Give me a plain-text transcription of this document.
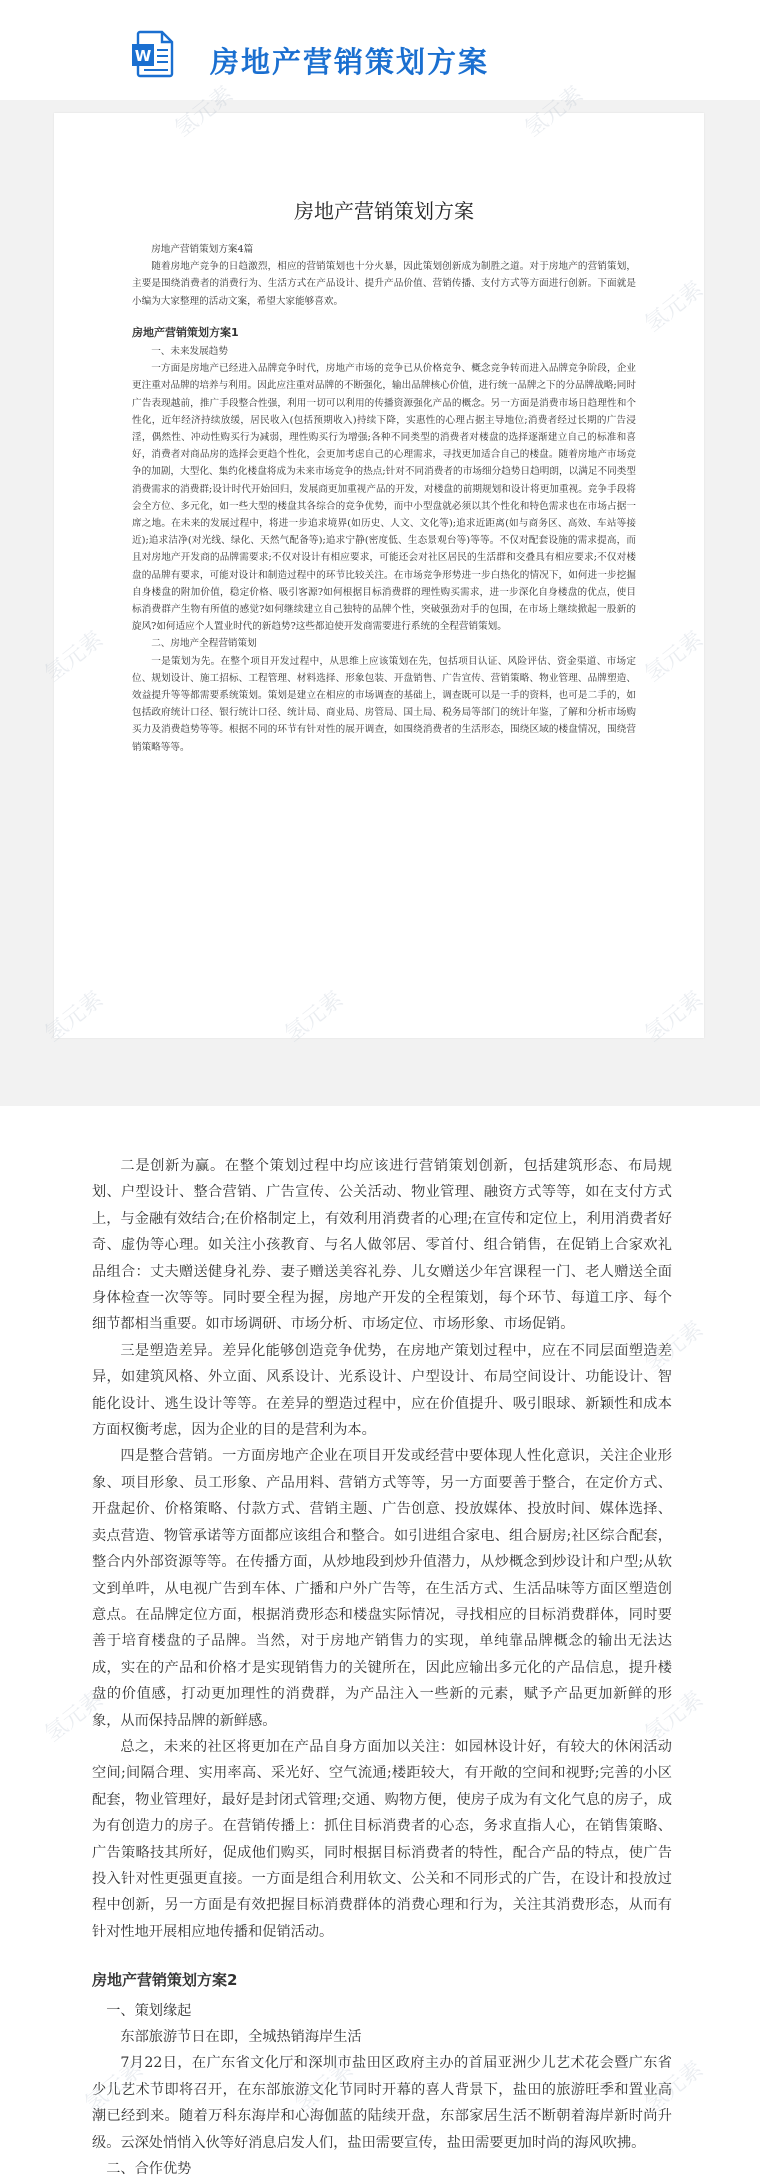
W 房地产营销策划方案
房地产营销策划方案

房地产营销策划方案4篇

随着房地产竞争的日趋激烈，相应的营销策划也十分火暴，因此策划创新成为制胜之道。对于房地产的营销策划，主要是围绕消费者的消费行为、生活方式在产品设计、提升产品价值、营销传播、支付方式等方面进行创新。下面就是小编为大家整理的活动文案，希望大家能够喜欢。

房地产营销策划方案1

一、未来发展趋势

一方面是房地产已经进入品牌竞争时代，房地产市场的竞争已从价格竞争、概念竞争转而进入品牌竞争阶段，企业更注重对品牌的培养与利用。因此应注重对品牌的不断强化，输出品牌核心价值，进行统一品牌之下的分品牌战略;同时广告表现越前，推广手段整合性强，利用一切可以利用的传播资源强化产品的概念。另一方面是消费市场日趋理性和个性化，近年经济持续放缓，居民收入(包括预期收入)持续下降，实惠性的心理占据主导地位;消费者经过长期的广告浸淫，偶然性、冲动性购买行为减弱，理性购买行为增强;各种不同类型的消费者对楼盘的选择逐渐建立自己的标准和喜好，消费者对商品房的选择会更趋个性化，会更加考虑自己的心理需求，寻找更加适合自己的楼盘。随着房地产市场竞争的加剧，大型化、集约化楼盘将成为未来市场竞争的热点;针对不同消费者的市场细分趋势日趋明朗，以满足不同类型消费需求的消费群;设计时代开始回归，发展商更加重视产品的开发，对楼盘的前期规划和设计将更加重视。竞争手段将会全方位、多元化，如一些大型的楼盘其各综合的竞争优势，而中小型盘就必须以其个性化和特色需求也在市场占据一席之地。在未来的发展过程中，将进一步追求境界(如历史、人文、文化等);追求近距离(如与商务区、高效、车站等接近);追求洁净(对光线、绿化、天然气配备等);追求宁静(密度低、生态景观台等)等等。不仅对配套设施的需求提高，而且对房地产开发商的品牌需要求;不仅对设计有相应要求，可能还会对社区居民的生活群和交叠具有相应要求;不仅对楼盘的品牌有要求，可能对设计和制造过程中的环节比较关注。在市场竞争形势进一步白热化的情况下，如何进一步挖掘自身楼盘的附加价值，稳定价格、吸引客源?如何根据目标消费群的理性购买需求，进一步深化自身楼盘的优点，使目标消费群产生物有所值的感觉?如何继续建立自己独特的品牌个性，突破强劲对手的包围，在市场上继续掀起一股新的旋风?如何适应个人置业时代的新趋势?这些都迫使开发商需要进行系统的全程营销策划。

二、房地产全程营销策划

一是策划为先。在整个项目开发过程中，从思维上应该策划在先，包括项目认证、风险评估、资金渠道、市场定位、规划设计、施工招标、工程管理、材料选择、形象包装、开盘销售、广告宣传、营销策略、物业管理、品牌塑造、效益提升等等都需要系统策划。策划是建立在相应的市场调查的基础上，调查既可以是一手的资料，也可是二手的，如包括政府统计口径、银行统计口径、统计局、商业局、房管局、国土局、税务局等部门的统计年鉴，了解和分析市场购买力及消费趋势等等。根据不同的环节有针对性的展开调查，如围绕消费者的生活形态，围绕区域的楼盘情况，围绕营销策略等等。

二是创新为赢。在整个策划过程中均应该进行营销策划创新，包括建筑形态、布局规划、户型设计、整合营销、广告宣传、公关活动、物业管理、融资方式等等，如在支付方式上，与金融有效结合;在价格制定上，有效利用消费者的心理;在宣传和定位上，利用消费者好奇、虚伪等心理。如关注小孩教育、与名人做邻居、零首付、组合销售，在促销上合家欢礼品组合：丈夫赠送健身礼券、妻子赠送美容礼券、儿女赠送少年宫课程一门、老人赠送全面身体检查一次等等。同时要全程为握，房地产开发的全程策划，每个环节、每道工序、每个细节都相当重要。如市场调研、市场分析、市场定位、市场形象、市场促销。

三是塑造差异。差异化能够创造竞争优势，在房地产策划过程中，应在不同层面塑造差异，如建筑风格、外立面、风系设计、光系设计、户型设计、布局空间设计、功能设计、智能化设计、逃生设计等等。在差异的塑造过程中，应在价值提升、吸引眼球、新颖性和成本方面权衡考虑，因为企业的目的是营利为本。

四是整合营销。一方面房地产企业在项目开发或经营中要体现人性化意识，关注企业形象、项目形象、员工形象、产品用料、营销方式等等，另一方面要善于整合，在定价方式、开盘起价、价格策略、付款方式、营销主题、广告创意、投放媒体、投放时间、媒体选择、卖点营造、物管承诺等方面都应该组合和整合。如引进组合家电、组合厨房;社区综合配套，整合内外部资源等等。在传播方面，从炒地段到炒升值潜力，从炒概念到炒设计和户型;从软文到单吽，从电视广告到车体、广播和户外广告等，在生活方式、生活品味等方面区塑造创意点。在品牌定位方面，根据消费形态和楼盘实际情况，寻找相应的目标消费群体，同时要善于培育楼盘的子品牌。当然，对于房地产销售力的实现，单纯靠品牌概念的输出无法达成，实在的产品和价格才是实现销售力的关键所在，因此应输出多元化的产品信息，提升楼盘的价值感，打动更加理性的消费群，为产品注入一些新的元素，赋予产品更加新鲜的形象，从而保持品牌的新鲜感。

总之，未来的社区将更加在产品自身方面加以关注：如园林设计好，有较大的休闲活动空间;间隔合理、实用率高、采光好、空气流通;楼距较大，有开敞的空间和视野;完善的小区配套，物业管理好，最好是封闭式管理;交通、购物方便，使房子成为有文化气息的房子，成为有创造力的房子。在营销传播上：抓住目标消费者的心态，务求直指人心，在销售策略、广告策略技其所好，促成他们购买，同时根据目标消费者的特性，配合产品的特点，使广告投入针对性更强更直接。一方面是组合利用软文、公关和不同形式的广告，在设计和投放过程中创新，另一方面是有效把握目标消费群体的消费心理和行为，关注其消费形态，从而有针对性地开展相应地传播和促销活动。

房地产营销策划方案2

一、策划缘起

东部旅游节日在即，全城热销海岸生活

7月22日，在广东省文化厅和深圳市盐田区政府主办的首届亚洲少儿艺术花会暨广东省少儿艺术节即将召开，在东部旅游文化节同时开幕的喜人背景下，盐田的旅游旺季和置业高潮已经到来。随着万科东海岸和心海伽蓝的陆续开盘，东部家居生活不断朝着海岸新时尚升级。云深处悄悄入伙等好消息启发人们，盐田需要宣传，盐田需要更加时尚的海风吹拂。

二、合作优势

氢元素	氢元素
氢元素
氢元素	氢元素
氢元素	氢元素	氢元素
氢元素
氢元素	氢元素
氢元素	氢元素	氢元素
